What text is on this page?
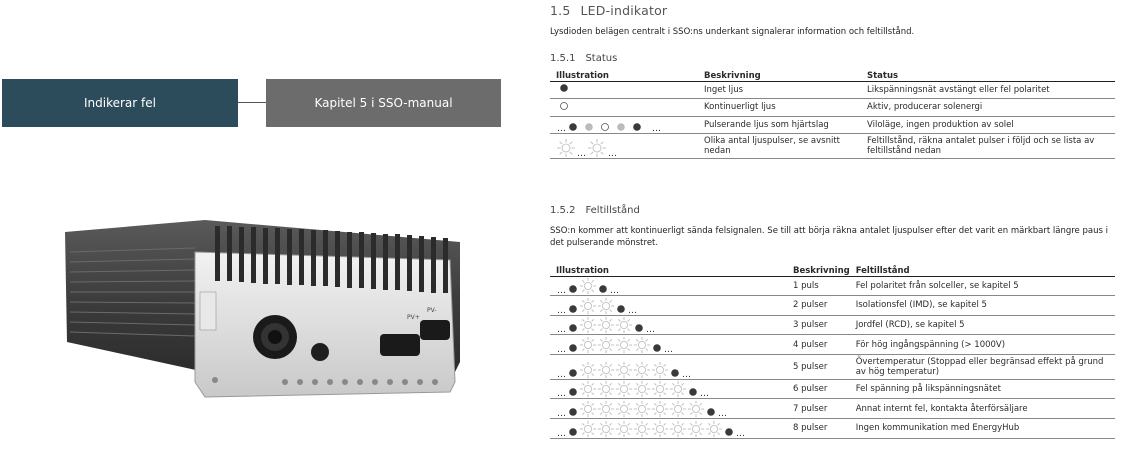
Indikerar fel	Kapitel 5 i SSO-manual
PV+
PV-
1.5 LED-indikator
Lysdioden belägen centralt i SSO:ns underkant signalerar information och feltillstånd.
1.5.1 Status
Illustration	Beskrivning	Status
	Inget ljus	Likspänningsnät avstängt eller fel polaritet
	Kontinuerligt ljus	Aktiv, producerar solenergi

… …	Pulserande ljus som hjärtslag	Viloläge, ingen produktion av solel

… …	Olika antal ljuspulser, se avsnitt nedan	Feltillstånd, räkna antalet pulser i följd och se lista av feltillstånd nedan
1.5.2 Feltillstånd
SSO:n kommer att kontinuerligt sända felsignalen. Se till att börja räkna antalet ljuspulser efter det varit en märkbart längre paus i det pulserande mönstret.
Illustration	Beskrivning	Feltillstånd

… …	1 puls	Fel polaritet från solceller, se kapitel 5

… …	2 pulser	Isolationsfel (IMD), se kapitel 5

… …	3 pulser	Jordfel (RCD), se kapitel 5

… …	4 pulser	För hög ingångspänning (> 1000V)

… …	5 pulser	Övertemperatur (Stoppad eller begränsad effekt på grund av hög temperatur)

… …	6 pulser	Fel spänning på likspänningsnätet

… …	7 pulser	Annat internt fel, kontakta återförsäljare

… …	8 pulser	Ingen kommunikation med EnergyHub
